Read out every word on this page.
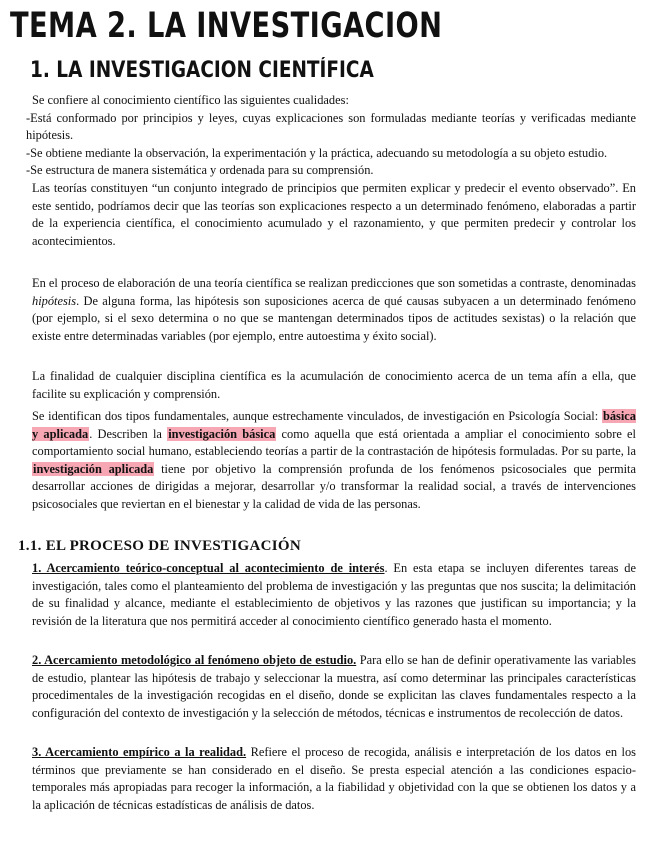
TEMA 2. LA INVESTIGACION
1. LA INVESTIGACION CIENTÍFICA

Se confiere al conocimiento científico las siguientes cualidades:

-Está conformado por principios y leyes, cuyas explicaciones son formuladas mediante teorías y verificadas mediante hipótesis.

-Se obtiene mediante la observación, la experimentación y la práctica, adecuando su metodología a su objeto estudio.

-Se estructura de manera sistemática y ordenada para su comprensión.

Las teorías constituyen “un conjunto integrado de principios que permiten explicar y predecir el evento observado”. En este sentido, podríamos decir que las teorías son explicaciones respecto a un determinado fenómeno, elaboradas a partir de la experiencia científica, el conocimiento acumulado y el razonamiento, y que permiten predecir y controlar los acontecimientos.

En el proceso de elaboración de una teoría científica se realizan predicciones que son sometidas a contraste, denominadas hipótesis. De alguna forma, las hipótesis son suposiciones acerca de qué causas subyacen a un determinado fenómeno (por ejemplo, si el sexo determina o no que se mantengan determinados tipos de actitudes sexistas) o la relación que existe entre determinadas variables (por ejemplo, entre autoestima y éxito social).

La finalidad de cualquier disciplina científica es la acumulación de conocimiento acerca de un tema afín a ella, que facilite su explicación y comprensión.

Se identifican dos tipos fundamentales, aunque estrechamente vinculados, de investigación en Psicología Social: básica y aplicada. Describen la investigación básica como aquella que está orientada a ampliar el conocimiento sobre el comportamiento social humano, estableciendo teorías a partir de la contrastación de hipótesis formuladas. Por su parte, la investigación aplicada tiene por objetivo la comprensión profunda de los fenómenos psicosociales que permita desarrollar acciones de dirigidas a mejorar, desarrollar y/o transformar la realidad social, a través de intervenciones psicosociales que reviertan en el bienestar y la calidad de vida de las personas.

1.1. EL PROCESO DE INVESTIGACIÓN

1. Acercamiento teórico-conceptual al acontecimiento de interés. En esta etapa se incluyen diferentes tareas de investigación, tales como el planteamiento del problema de investigación y las preguntas que nos suscita; la delimitación de su finalidad y alcance, mediante el establecimiento de objetivos y las razones que justifican su importancia; y la revisión de la literatura que nos permitirá acceder al conocimiento científico generado hasta el momento.

2. Acercamiento metodológico al fenómeno objeto de estudio. Para ello se han de definir operativamente las variables de estudio, plantear las hipótesis de trabajo y seleccionar la muestra, así como determinar las principales características procedimentales de la investigación recogidas en el diseño, donde se explicitan las claves fundamentales respecto a la configuración del contexto de investigación y la selección de métodos, técnicas e instrumentos de recolección de datos.

3. Acercamiento empírico a la realidad. Refiere el proceso de recogida, análisis e interpretación de los datos en los términos que previamente se han considerado en el diseño. Se presta especial atención a las condiciones espacio-temporales más apropiadas para recoger la información, a la fiabilidad y objetividad con la que se obtienen los datos y a la aplicación de técnicas estadísticas de análisis de datos.
